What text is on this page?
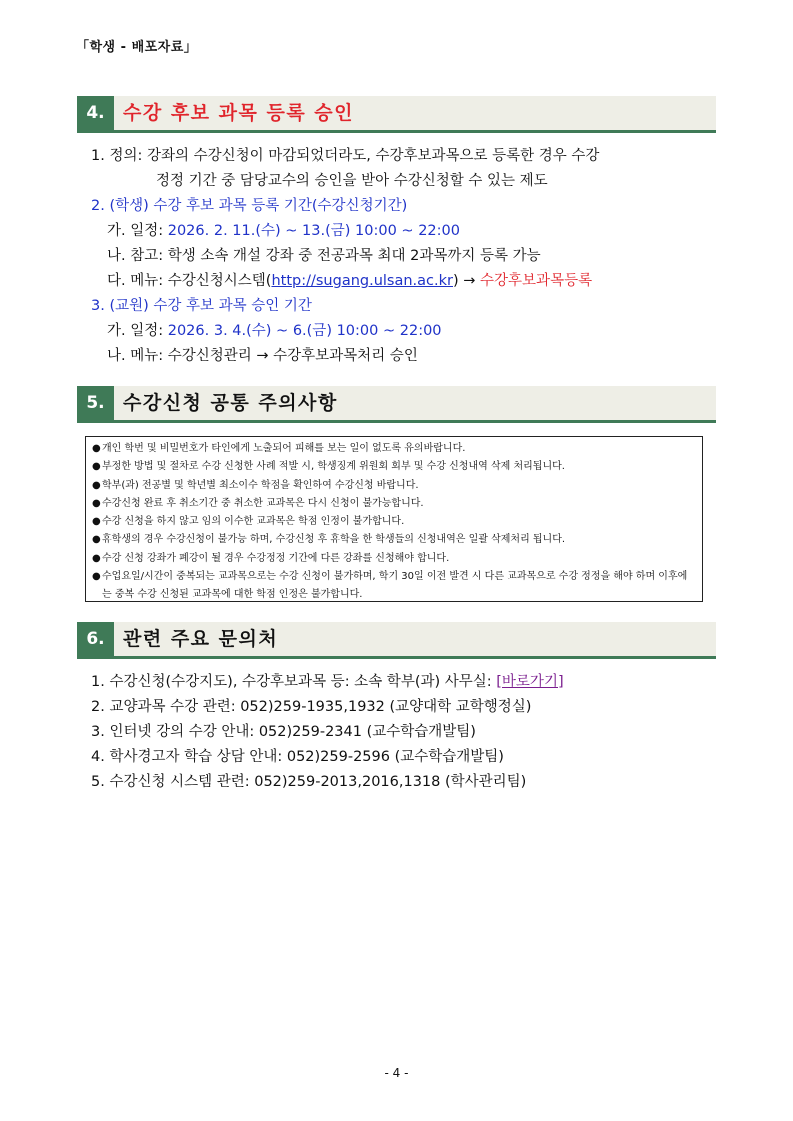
「학생 - 배포자료」
4. 수강 후보 과목 등록 승인
1. 정의: 강좌의 수강신청이 마감되었더라도, 수강후보과목으로 등록한 경우 수강
정정 기간 중 담당교수의 승인을 받아 수강신청할 수 있는 제도
2. (학생) 수강 후보 과목 등록 기간(수강신청기간)
가. 일정: 2026. 2. 11.(수) ~ 13.(금) 10:00 ~ 22:00
나. 참고: 학생 소속 개설 강좌 중 전공과목 최대 2과목까지 등록 가능
다. 메뉴: 수강신청시스템(http://sugang.ulsan.ac.kr) → 수강후보과목등록
3. (교원) 수강 후보 과목 승인 기간
가. 일정: 2026. 3. 4.(수) ~ 6.(금) 10:00 ~ 22:00
나. 메뉴: 수강신청관리 → 수강후보과목처리 승인
5. 수강신청 공통 주의사항
● 개인 학번 및 비밀번호가 타인에게 노출되어 피해를 보는 일이 없도록 유의바랍니다.
● 부정한 방법 및 절차로 수강 신청한 사례 적발 시, 학생징계 위원회 회부 및 수강 신청내역 삭제 처리됩니다.
● 학부(과) 전공별 및 학년별 최소이수 학점을 확인하여 수강신청 바랍니다.
● 수강신청 완료 후 취소기간 중 취소한 교과목은 다시 신청이 불가능합니다.
● 수강 신청을 하지 않고 임의 이수한 교과목은 학점 인정이 불가합니다.
● 휴학생의 경우 수강신청이 불가능 하며, 수강신청 후 휴학을 한 학생들의 신청내역은 일괄 삭제처리 됩니다.
● 수강 신청 강좌가 폐강이 될 경우 수강정정 기간에 다른 강좌를 신청해야 합니다.
● 수업요일/시간이 중복되는 교과목으로는 수강 신청이 불가하며, 학기 30일 이전 발견 시 다른 교과목으로 수강 정정을 해야 하며 이후에는 중복 수강 신청된 교과목에 대한 학점 인정은 불가합니다.
6. 관련 주요 문의처
1. 수강신청(수강지도), 수강후보과목 등: 소속 학부(과) 사무실: [바로가기]
2. 교양과목 수강 관련: 052)259-1935,1932 (교양대학 교학행정실)
3. 인터넷 강의 수강 안내: 052)259-2341 (교수학습개발팀)
4. 학사경고자 학습 상담 안내: 052)259-2596 (교수학습개발팀)
5. 수강신청 시스템 관련: 052)259-2013,2016,1318 (학사관리팀)
- 4 -
